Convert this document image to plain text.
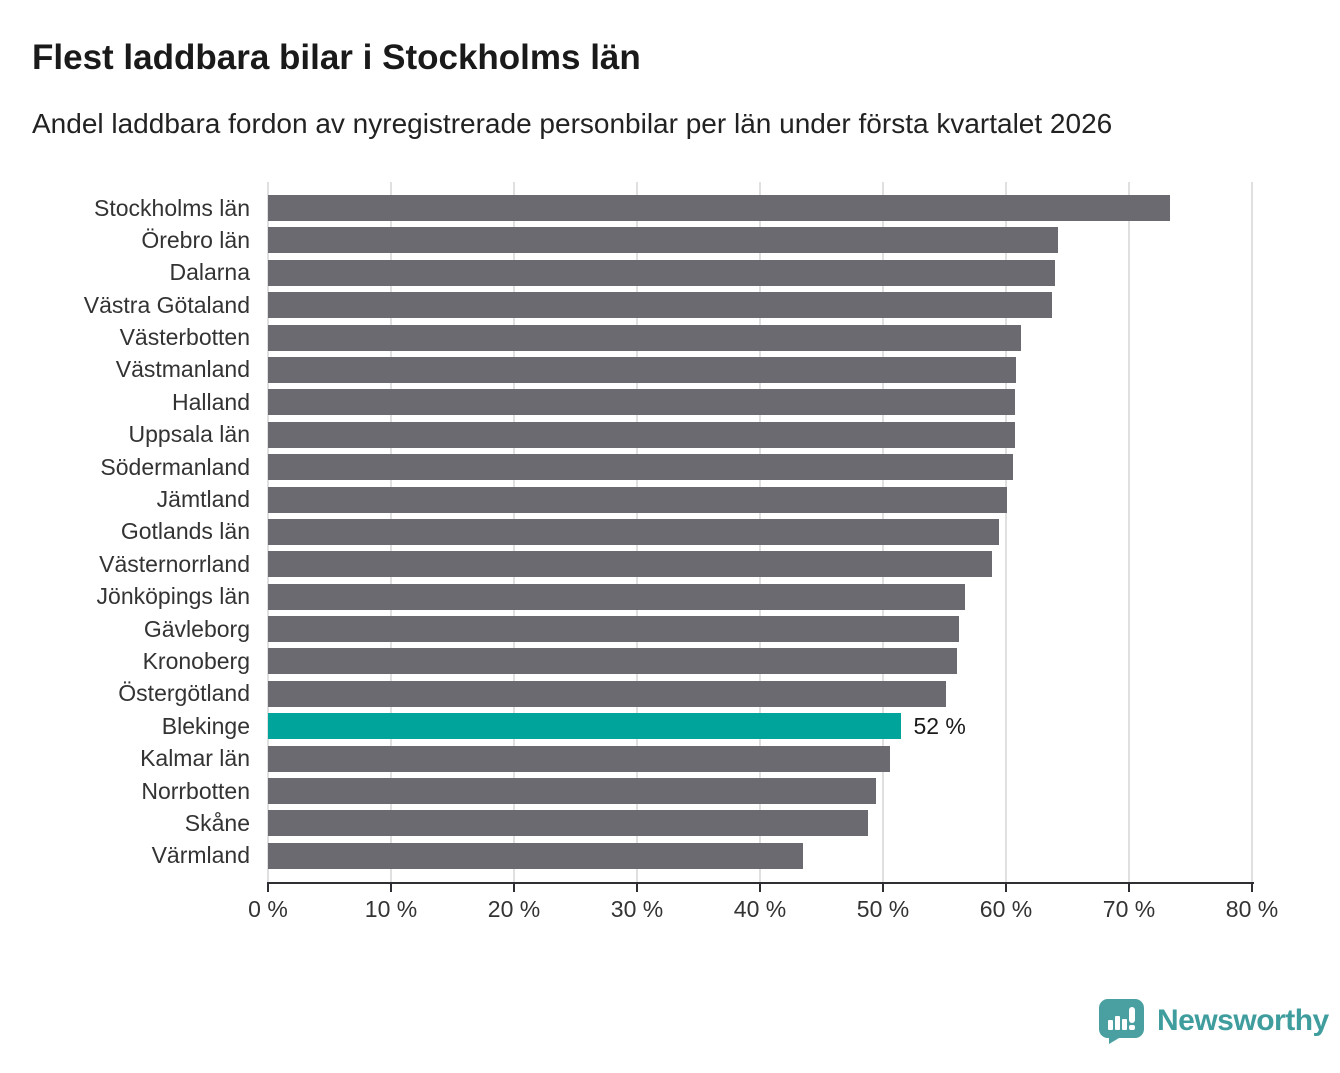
Flest laddbara bilar i Stockholms län
Andel laddbara fordon av nyregistrerade personbilar per län under första kvartalet 2026
Stockholms län
Örebro län
Dalarna
Västra Götaland
Västerbotten
Västmanland
Halland
Uppsala län
Södermanland
Jämtland
Gotlands län
Västernorrland
Jönköpings län
Gävleborg
Kronoberg
Östergötland
Blekinge	52 %
Kalmar län
Norrbotten
Skåne
Värmland
0 %	10 %	20 %	30 %	40 %	50 %	60 %	70 %	80 %
Newsworthy
